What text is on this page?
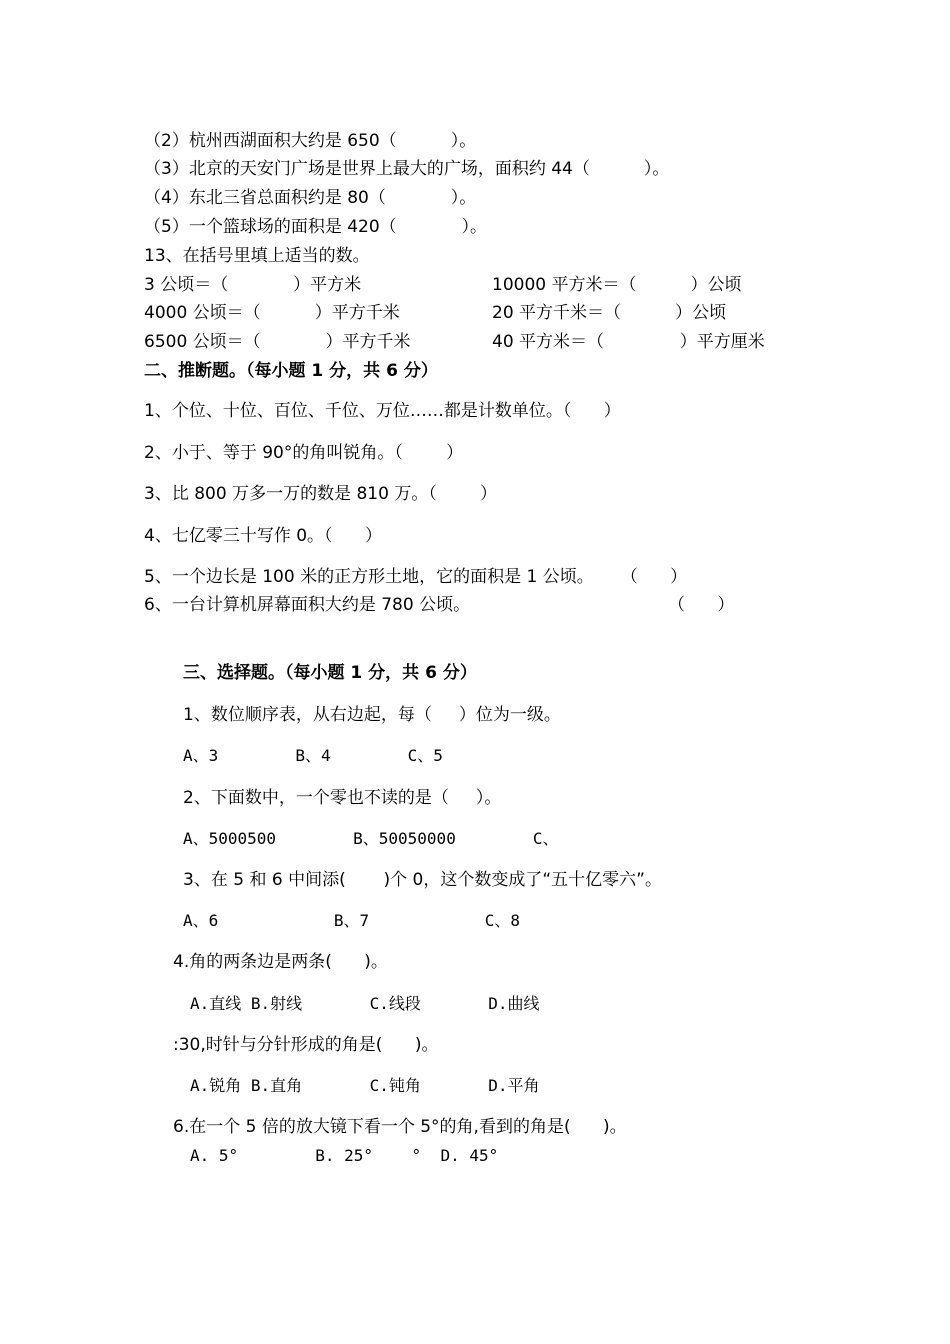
（2）杭州西湖面积大约是 650（          ）。

（3）北京的天安门广场是世界上最大的广场，面积约 44（          ）。

（4）东北三省总面积约是 80（            ）。

（5）一个篮球场的面积是 420（            ）。

13、在括号里填上适当的数。

3 公顷＝（            ）平方米

4000 公顷＝（          ）平方千米

6500 公顷＝（            ）平方千米

10000 平方米＝（          ）公顷

20 平方千米＝（          ）公顷

40 平方米＝（              ）平方厘米

二、推断题。（每小题 1 分，共 6 分）

1、个位、十位、百位、千位、万位……都是计数单位。（      ）

2、小于、等于 90°的角叫锐角。（        ）

3、比 800 万多一万的数是 810 万。（        ）

4、七亿零三十写作 0。（      ）

5、一个边长是 100 米的正方形土地，它的面积是 1 公顷。     （      ）

6、一台计算机屏幕面积大约是 780 公顷。	（      ）

三、选择题。（每小题 1 分，共 6 分）

1、数位顺序表，从右边起，每（     ）位为一级。

A、3        B、4        C、5

2、下面数中，一个零也不读的是（     ）。

A、5000500        B、50050000        C、

3、在 5 和 6 中间添(       )个 0，这个数变成了“五十亿零六”。

A、6            B、7            C、8

4.角的两条边是两条(      )。

A.直线 B.射线       C.线段       D.曲线

:30,时针与分针形成的角是(      )。

A.锐角 B.直角       C.钝角       D.平角

6.在一个 5 倍的放大镜下看一个 5°的角,看到的角是(      )。

A. 5°        B. 25°    °  D. 45°
